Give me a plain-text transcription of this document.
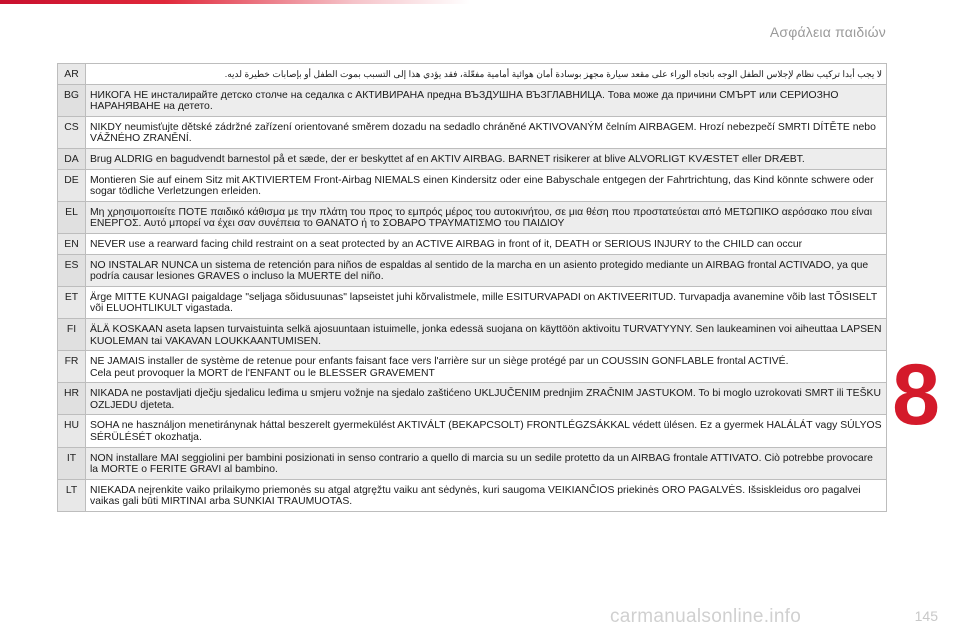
Ασφάλεια παιδιών
AR	لا يجب أبدا تركيب نظام لإجلاس الطفل الوجه باتجاه الوراء على مقعد سيارة مجهز بوسادة أمان هوائية أمامية مفعّلة، فقد يؤدي هذا إلى التسبب بموت الطفل أو بإصابات خطيرة لديه.
BG	НИКОГА НЕ инсталирайте детско столче на седалка с АКТИВИРАНА предна ВЪЗДУШНА ВЪЗГЛАВНИЦА. Това може да причини СМЪРТ или СЕРИОЗНО НАРАНЯВАНЕ на детето.
CS	NIKDY neumisťujte dětské zádržné zařízení orientované směrem dozadu na sedadlo chráněné AKTIVOVANÝM čelním AIRBAGEM. Hrozí nebezpečí SMRTI DÍTĚTE nebo VÁŽNÉHO ZRANĚNÍ.
DA	Brug ALDRIG en bagudvendt barnestol på et sæde, der er beskyttet af en AKTIV AIRBAG. BARNET risikerer at blive ALVORLIGT KVÆSTET eller DRÆBT.
DE	Montieren Sie auf einem Sitz mit AKTIVIERTEM Front-Airbag NIEMALS einen Kindersitz oder eine Babyschale entgegen der Fahrtrichtung, das Kind könnte schwere oder sogar tödliche Verletzungen erleiden.
EL	Μη χρησιμοποιείτε ΠΟΤΕ παιδικό κάθισμα με την πλάτη του προς το εμπρός μέρος του αυτοκινήτου, σε μια θέση που προστατεύεται από ΜΕΤΩΠΙΚΟ αερόσακο που είναι ΕΝΕΡΓΟΣ. Αυτό μπορεί να έχει σαν συνέπεια το ΘΑΝΑΤΟ ή το ΣΟΒΑΡΟ ΤΡΑΥΜΑΤΙΣΜΟ του ΠΑΙΔΙΟΥ
EN	NEVER use a rearward facing child restraint on a seat protected by an ACTIVE AIRBAG in front of it, DEATH or SERIOUS INJURY to the CHILD can occur
ES	NO INSTALAR NUNCA un sistema de retención para niños de espaldas al sentido de la marcha en un asiento protegido mediante un AIRBAG frontal ACTIVADO, ya que podría causar lesiones GRAVES o incluso la MUERTE del niño.
ET	Ärge MITTE KUNAGI paigaldage "seljaga sõidusuunas" lapseistet juhi kõrvalistmele, mille ESITURVAPADI on AKTIVEERITUD. Turvapadja avanemine võib last TÕSISELT või ELUOHTLIKULT vigastada.
FI	ÄLÄ KOSKAAN aseta lapsen turvaistuinta selkä ajosuuntaan istuimelle, jonka edessä suojana on käyttöön aktivoitu TURVATYYNY. Sen laukeaminen voi aiheuttaa LAPSEN KUOLEMAN tai VAKAVAN LOUKKAANTUMISEN.
FR	NE JAMAIS installer de système de retenue pour enfants faisant face vers l'arrière sur un siège protégé par un COUSSIN GONFLABLE frontal ACTIVÉ.
Cela peut provoquer la MORT de l'ENFANT ou le BLESSER GRAVEMENT

HR	NIKADA ne postavljati dječju sjedalicu leđima u smjeru vožnje na sjedalo zaštićeno UKLJUČENIM prednjim ZRAČNIM JASTUKOM. To bi moglo uzrokovati SMRT ili TEŠKU OZLJEDU djeteta.
HU	SOHA ne használjon menetiránynak háttal beszerelt gyermekülést AKTIVÁLT (BEKAPCSOLT) FRONTLÉGZSÁKKAL védett ülésen. Ez a gyermek HALÁLÁT vagy SÚLYOS SÉRÜLÉSÉT okozhatja.
IT	NON installare MAI seggiolini per bambini posizionati in senso contrario a quello di marcia su un sedile protetto da un AIRBAG frontale ATTIVATO. Ciò potrebbe provocare la MORTE o FERITE GRAVI al bambino.
LT	NIEKADA neįrenkite vaiko prilaikymo priemonės su atgal atgręžtu vaiku ant sėdynės, kuri saugoma VEIKIANČIOS priekinės ORO PAGALVĖS. Išsiskleidus oro pagalvei vaikas gali būti MIRTINAI arba SUNKIAI TRAUMUOTAS.
8
carmanualsonline.info	145
